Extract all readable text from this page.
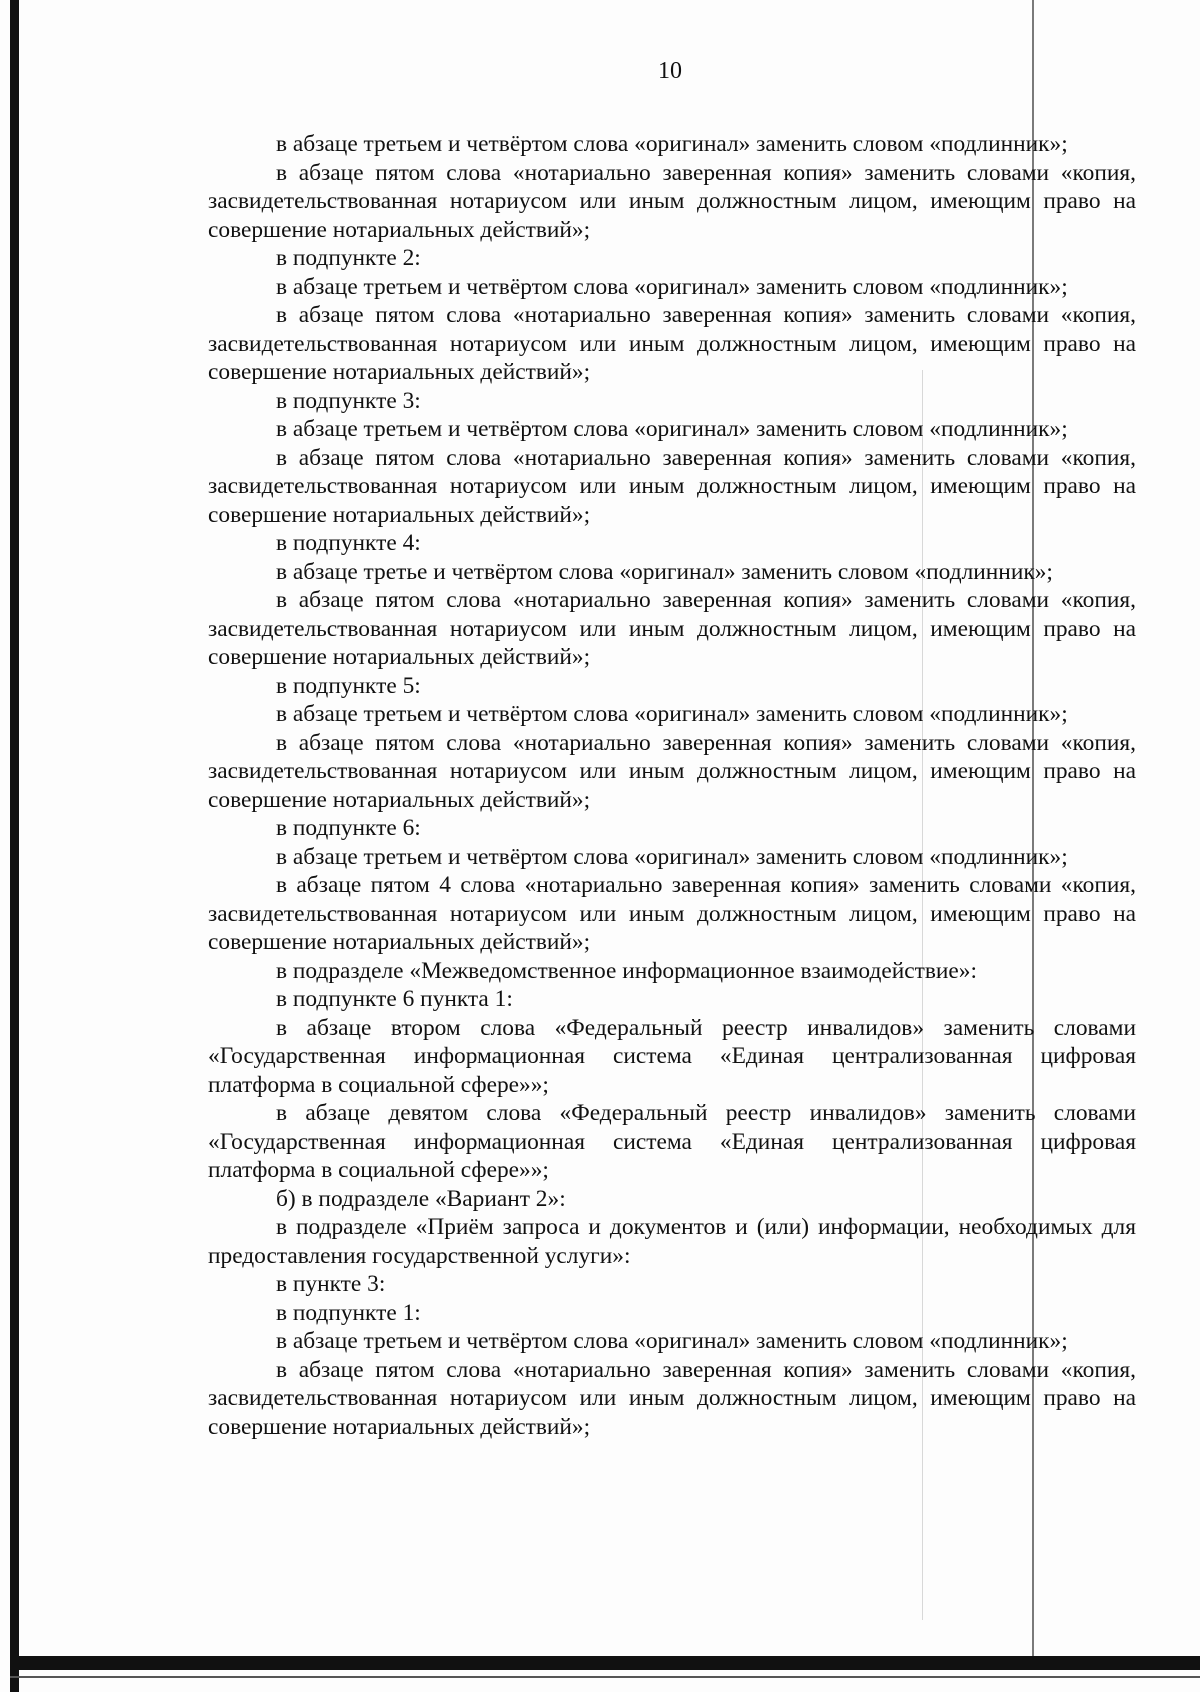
10

в абзаце третьем и четвёртом слова «оригинал» заменить словом «подлинник»;

в абзаце пятом слова «нотариально заверенная копия» заменить словами «копия, засвидетельствованная нотариусом или иным должностным лицом, имеющим право на совершение нотариальных действий»;

в подпункте 2:

в абзаце третьем и четвёртом слова «оригинал» заменить словом «подлинник»;

в абзаце пятом слова «нотариально заверенная копия» заменить словами «копия, засвидетельствованная нотариусом или иным должностным лицом, имеющим право на совершение нотариальных действий»;

в подпункте 3:

в абзаце третьем и четвёртом слова «оригинал» заменить словом «подлинник»;

в абзаце пятом слова «нотариально заверенная копия» заменить словами «копия, засвидетельствованная нотариусом или иным должностным лицом, имеющим право на совершение нотариальных действий»;

в подпункте 4:

в абзаце третье и четвёртом слова «оригинал» заменить словом «подлинник»;

в абзаце пятом слова «нотариально заверенная копия» заменить словами «копия, засвидетельствованная нотариусом или иным должностным лицом, имеющим право на совершение нотариальных действий»;

в подпункте 5:

в абзаце третьем и четвёртом слова «оригинал» заменить словом «подлинник»;

в абзаце пятом слова «нотариально заверенная копия» заменить словами «копия, засвидетельствованная нотариусом или иным должностным лицом, имеющим право на совершение нотариальных действий»;

в подпункте 6:

в абзаце третьем и четвёртом слова «оригинал» заменить словом «подлинник»;

в абзаце пятом 4 слова «нотариально заверенная копия» заменить словами «копия, засвидетельствованная нотариусом или иным должностным лицом, имеющим право на совершение нотариальных действий»;

в подразделе «Межведомственное информационное взаимодействие»:

в подпункте 6 пункта 1:

в абзаце втором слова «Федеральный реестр инвалидов» заменить словами «Государственная информационная система «Единая централизованная цифровая платформа в социальной сфере»»;

в абзаце девятом слова «Федеральный реестр инвалидов» заменить словами «Государственная информационная система «Единая централизованная цифровая платформа в социальной сфере»»;

б) в подразделе «Вариант 2»:

в подразделе «Приём запроса и документов и (или) информации, необходимых для предоставления государственной услуги»:

в пункте 3:

в подпункте 1:

в абзаце третьем и четвёртом слова «оригинал» заменить словом «подлинник»;

в абзаце пятом слова «нотариально заверенная копия» заменить словами «копия, засвидетельствованная нотариусом или иным должностным лицом, имеющим право на совершение нотариальных действий»;
